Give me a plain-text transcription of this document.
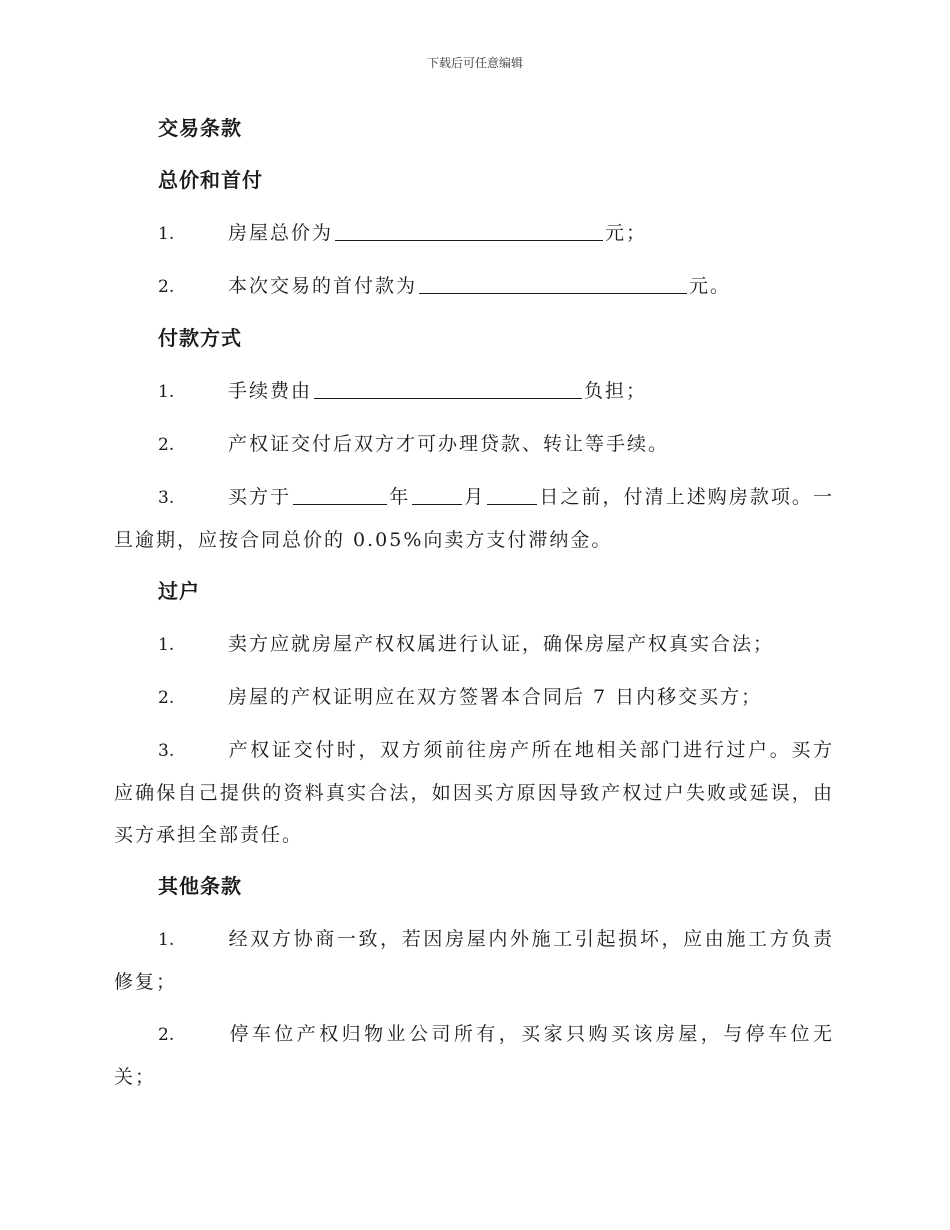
下载后可任意编辑
交易条款
总价和首付
1.	房屋总价为	元；
2.	本次交易的首付款为	元。
付款方式
1.	手续费由	负担；
2.	产权证交付后双方才可办理贷款、转让等手续。
3.	买方于	年	月	日之前，付清上述购房款项。一旦逾期，应按合同总价的 0.05%向卖方支付滞纳金。
过户
1.	卖方应就房屋产权权属进行认证，确保房屋产权真实合法；
2.	房屋的产权证明应在双方签署本合同后 7 日内移交买方；
3.	产权证交付时，双方须前往房产所在地相关部门进行过户。买方应确保自己提供的资料真实合法，如因买方原因导致产权过户失败或延误，由买方承担全部责任。
其他条款
1.	经双方协商一致，若因房屋内外施工引起损坏，应由施工方负责修复；
2.	停车位产权归物业公司所有，买家只购买该房屋，与停车位无关；
